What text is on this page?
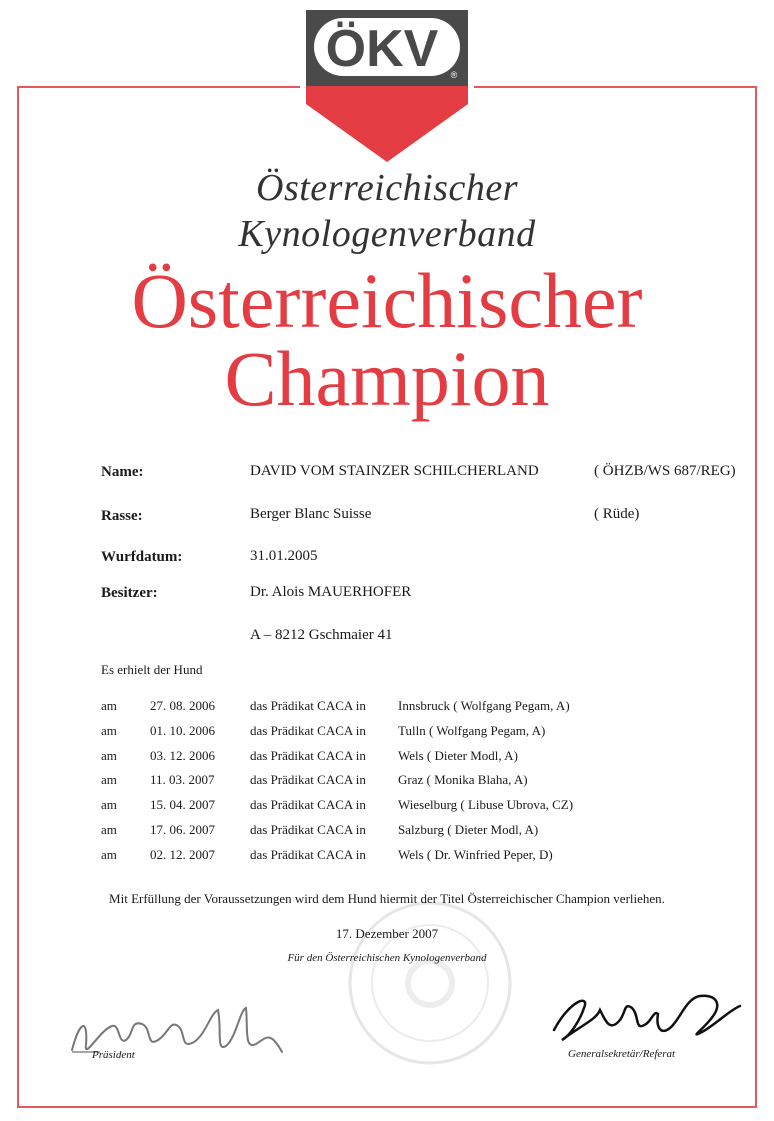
ÖKV ®
Österreichischer
Kynologenverband
Österreichischer
Champion
Name:	DAVID VOM STAINZER SCHILCHERLAND	( ÖHZB/WS 687/REG)
Rasse:	Berger Blanc Suisse	( Rüde)
Wurfdatum:	31.01.2005
Besitzer:	Dr. Alois MAUERHOFER
A – 8212 Gschmaier 41
Es erhielt der Hund
am	27. 08. 2006	das Prädikat CACA in Innsbruck ( Wolfgang Pegam, A)
am	01. 10. 2006	das Prädikat CACA in Tulln ( Wolfgang Pegam, A)
am	03. 12. 2006	das Prädikat CACA in Wels ( Dieter Modl, A)
am	11. 03. 2007	das Prädikat CACA in Graz ( Monika Blaha, A)
am	15. 04. 2007	das Prädikat CACA in Wieselburg ( Libuse Ubrova, CZ)
am	17. 06. 2007	das Prädikat CACA in Salzburg ( Dieter Modl, A)
am	02. 12. 2007	das Prädikat CACA in Wels ( Dr. Winfried Peper, D)
Mit Erfüllung der Voraussetzungen wird dem Hund hiermit der Titel Österreichischer Champion verliehen.
17. Dezember 2007
Für den Österreichischen Kynologenverband
Präsident	Generalsekretär/Referat
